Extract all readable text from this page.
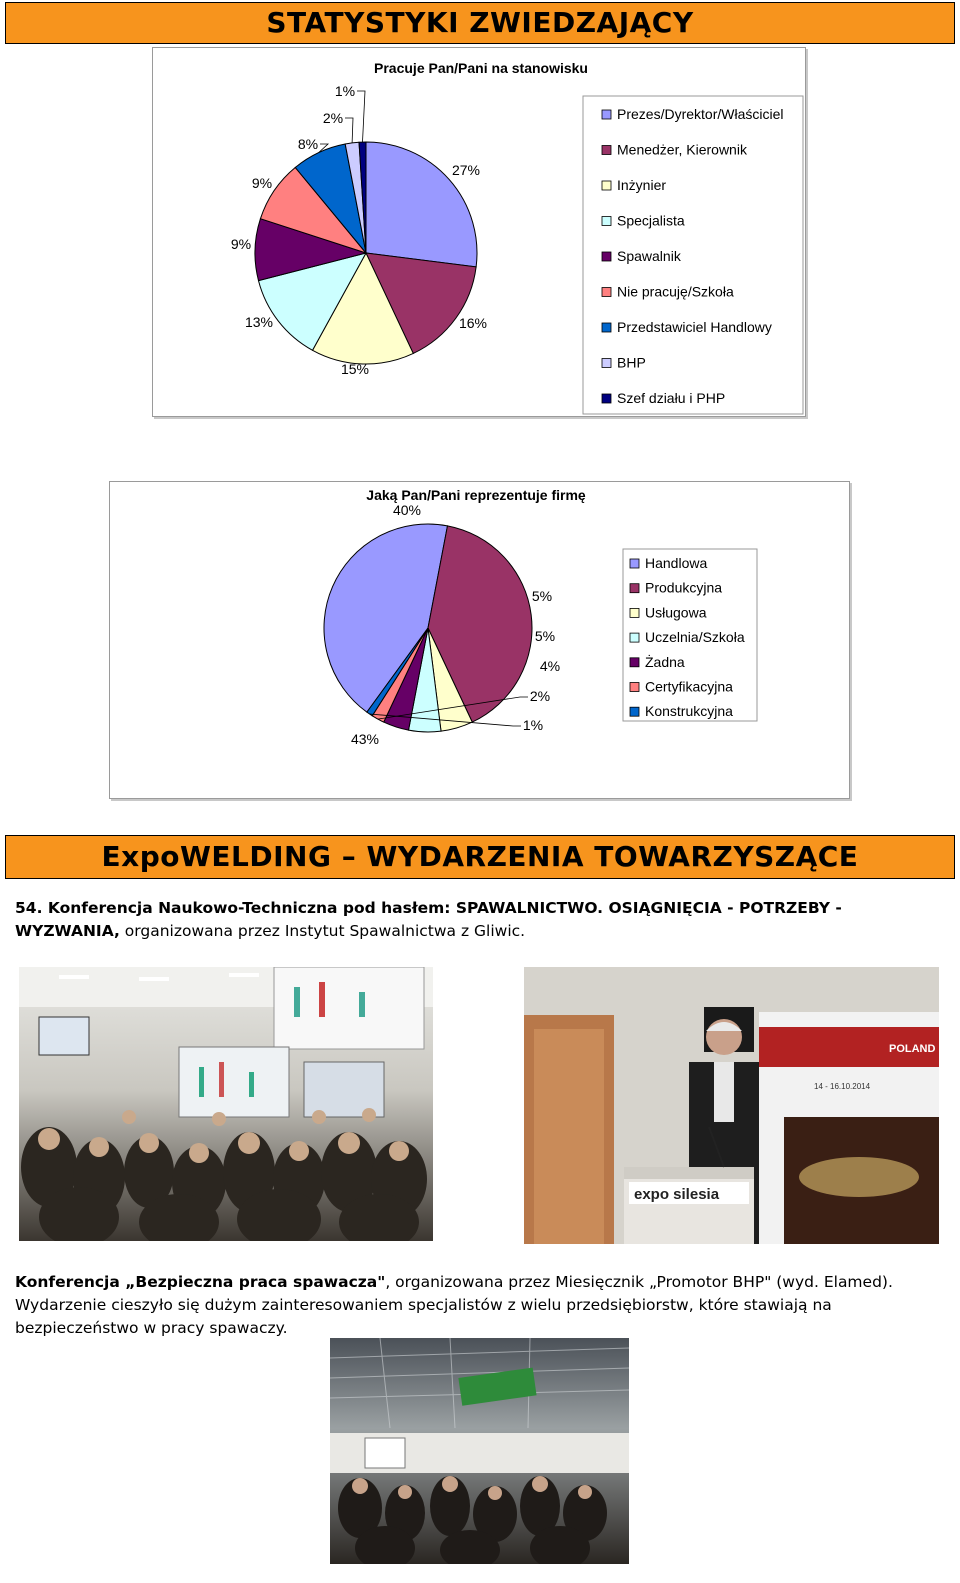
STATYSTYKI ZWIEDZAJĄCY
Pracuje Pan/Pani na stanowisku
27%
16%
15%
13%
9%
9%
8%
2%
1%
Prezes/Dyrektor/Właściciel
Menedżer, Kierownik
Inżynier
Specjalista
Spawalnik
Nie pracuję/Szkoła
Przedstawiciel Handlowy
BHP
Szef działu i PHP
Jaką Pan/Pani reprezentuje firmę
43%
40%
5%
5%
4%
2%
1%
Handlowa
Produkcyjna
Usługowa
Uczelnia/Szkoła
Żadna
Certyfikacyjna
Konstrukcyjna
ExpoWELDING – WYDARZENIA TOWARZYSZĄCE
54. Konferencja Naukowo-Techniczna pod hasłem: SPAWALNICTWO. OSIĄGNIĘCIA - POTRZEBY - WYZWANIA, organizowana przez Instytut Spawalnictwa z Gliwic.
POLAND
14 - 16.10.2014
expo silesia
Konferencja „Bezpieczna praca spawacza", organizowana przez Miesięcznik „Promotor BHP" (wyd. Elamed). Wydarzenie cieszyło się dużym zainteresowaniem specjalistów z wielu przedsiębiorstw, które stawiają na bezpieczeństwo w pracy spawaczy.
